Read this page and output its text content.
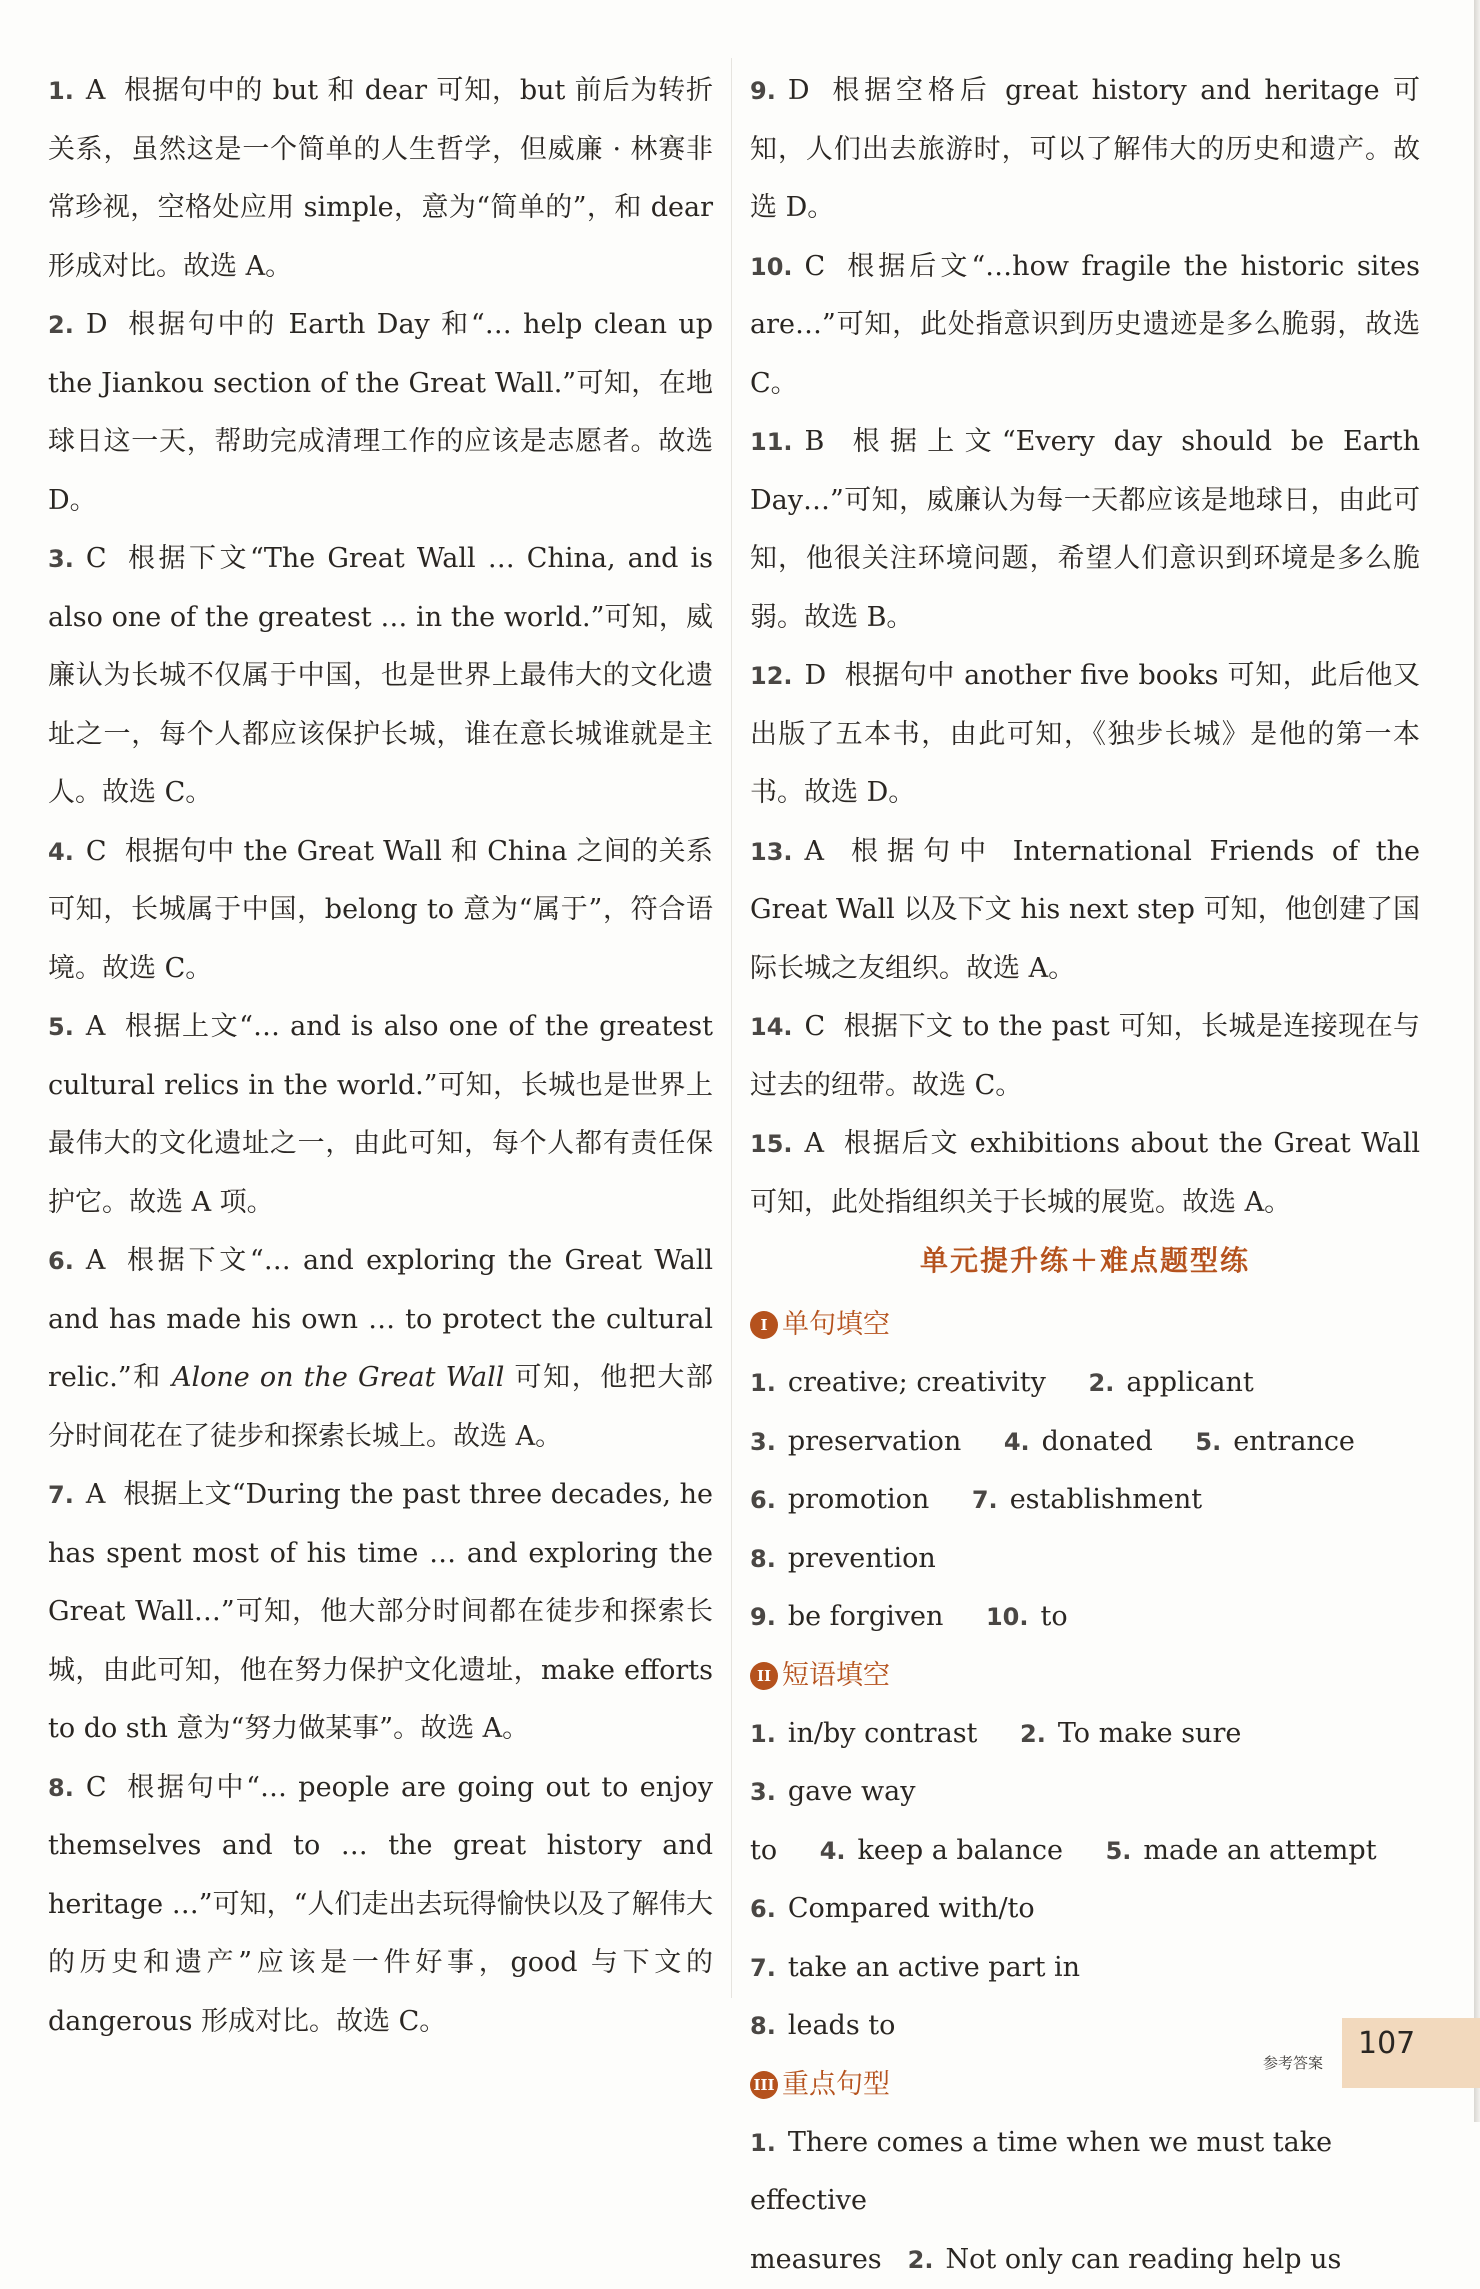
1. A 根据句中的 but 和 dear 可知，but 前后为转折关系，虽然这是一个简单的人生哲学，但威廉 · 林赛非常珍视，空格处应用 simple，意为“简单的”，和 dear 形成对比。故选 A。

2. D 根据句中的 Earth Day 和“… help clean up the Jiankou section of the Great Wall.”可知，在地球日这一天，帮助完成清理工作的应该是志愿者。故选 D。

3. C 根据下文“The Great Wall … China, and is also one of the greatest … in the world.”可知，威廉认为长城不仅属于中国，也是世界上最伟大的文化遗址之一，每个人都应该保护长城，谁在意长城谁就是主人。故选 C。

4. C 根据句中 the Great Wall 和 China 之间的关系可知，长城属于中国，belong to 意为“属于”，符合语境。故选 C。

5. A 根据上文“… and is also one of the greatest cultural relics in the world.”可知，长城也是世界上最伟大的文化遗址之一，由此可知，每个人都有责任保护它。故选 A 项。

6. A 根据下文“… and exploring the Great Wall and has made his own … to protect the cultural relic.”和 Alone on the Great Wall 可知，他把大部分时间花在了徒步和探索长城上。故选 A。

7. A 根据上文“During the past three decades, he has spent most of his time … and exploring the Great Wall…”可知，他大部分时间都在徒步和探索长城，由此可知，他在努力保护文化遗址，make efforts to do sth 意为“努力做某事”。故选 A。

8. C 根据句中“… people are going out to enjoy themselves and to … the great history and heritage …”可知，“人们走出去玩得愉快以及了解伟大的历史和遗产”应该是一件好事，good 与下文的 dangerous 形成对比。故选 C。

9. D 根据空格后 great history and heritage 可知，人们出去旅游时，可以了解伟大的历史和遗产。故选 D。

10. C 根据后文“…how fragile the historic sites are…”可知，此处指意识到历史遗迹是多么脆弱，故选 C。

11. B 根据上文“Every day should be Earth Day…”可知，威廉认为每一天都应该是地球日，由此可知，他很关注环境问题，希望人们意识到环境是多么脆弱。故选 B。

12. D 根据句中 another five books 可知，此后他又出版了五本书，由此可知，《独步长城》是他的第一本书。故选 D。

13. A 根据句中 International Friends of the Great Wall 以及下文 his next step 可知，他创建了国际长城之友组织。故选 A。

14. C 根据下文 to the past 可知，长城是连接现在与过去的纽带。故选 C。

15. A 根据后文 exhibitions about the Great Wall 可知，此处指组织关于长城的展览。故选 A。

单元提升练＋难点题型练
I 单句填空

1. creative; creativity 2. applicant

3. preservation 4. donated 5. entrance

6. promotion 7. establishment 8. prevention

9. be forgiven 10. to

II 短语填空

1. in/by contrast 2. To make sure 3. gave way

to 4. keep a balance 5. made an attempt

6. Compared with/to 7. take an active part in

8. leads to

III 重点句型

1. There comes a time when we must take effective

measures 2. Not only can reading help us

参考答案
107
